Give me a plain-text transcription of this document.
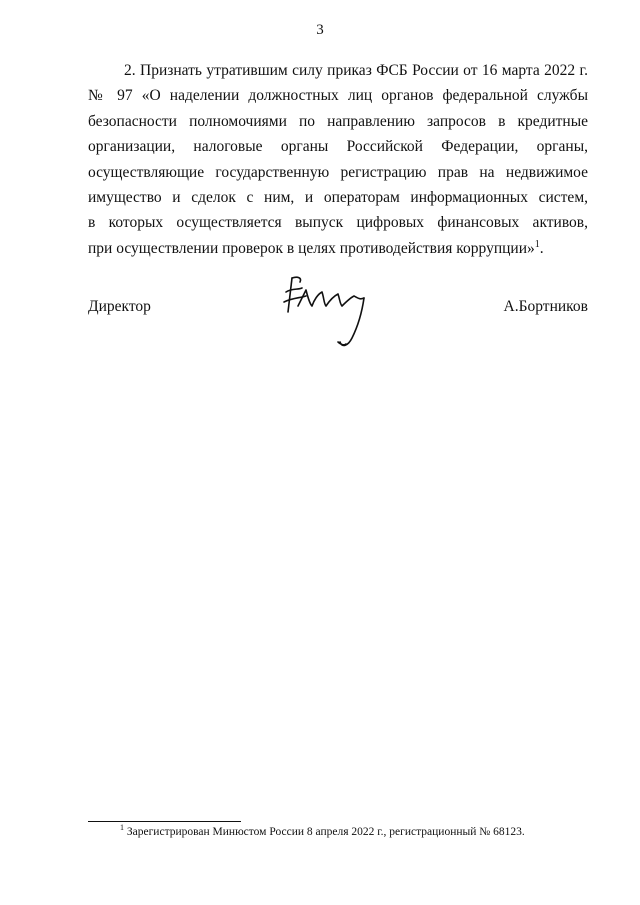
3
2. Признать утратившим силу приказ ФСБ России от 16 марта 2022 г.
№ 97 «О наделении должностных лиц органов федеральной службы
безопасности полномочиями по направлению запросов в кредитные
организации, налоговые органы Российской Федерации, органы,
осуществляющие государственную регистрацию прав на недвижимое
имущество и сделок с ним, и операторам информационных систем,
в которых осуществляется выпуск цифровых финансовых активов,
при осуществлении проверок в целях противодействия коррупции»$^1$.
Директор	А.Бортников
$^1$ Зарегистрирован Минюстом России 8 апреля 2022 г., регистрационный № 68123.
